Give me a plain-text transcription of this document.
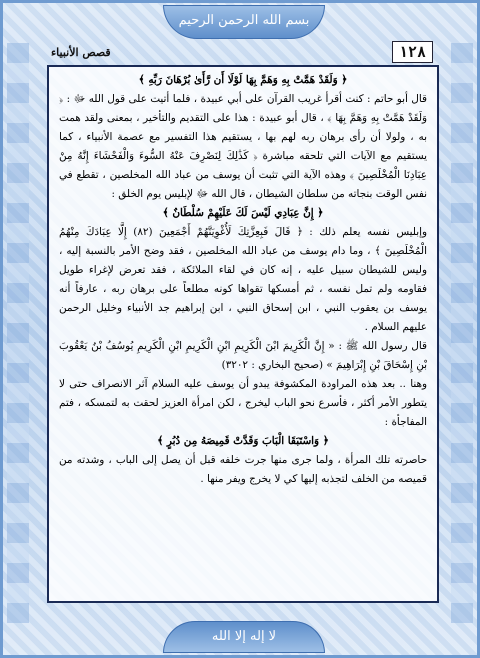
بسم الله الرحمن الرحيم
١٢٨
قصص الأنبياء

﴿ وَلَقَدْ هَمَّتْ بِهِ وَهَمَّ بِهَا لَوْلَا أَن رَّأَىٰ بُرْهَانَ رَبِّهِ ﴾

قال أبو حاتم : كنت أقرأ غريب القرآن على أبي عبيدة ، فلما أتيت على قول الله ﷻ : ﴿ وَلَقَدْ هَمَّتْ بِهِ وَهَمَّ بِهَا ﴾ ، قال أبو عبيدة : هذا على التقديم والتأخير ، بمعنى ولقد همت به ، ولولا أن رأى برهان ربه لهم بها ، يستقيم هذا التفسير مع عصمة الأنبياء ، كما يستقيم مع الآيات التي تلحقه مباشرة ﴿ كَذَٰلِكَ لِنَصْرِفَ عَنْهُ السُّوءَ وَالْفَحْشَاءَ إِنَّهُ مِنْ عِبَادِنَا الْمُخْلَصِينَ ﴾ وهذه الآية التي تثبت أن يوسف من عباد الله المخلصين ، تقطع في نفس الوقت بنجاته من سلطان الشيطان ، قال الله ﷻ لإبليس يوم الخلق :

﴿ إِنَّ عِبَادِي لَيْسَ لَكَ عَلَيْهِمْ سُلْطَانٌ ﴾

وإبليس نفسه يعلم ذلك : ﴿ قَالَ فَبِعِزَّتِكَ لَأُغْوِيَنَّهُمْ أَجْمَعِينَ (٨٢) إِلَّا عِبَادَكَ مِنْهُمُ الْمُخْلَصِينَ ﴾ ، وما دام يوسف من عباد الله المخلصين ، فقد وضح الأمر بالنسبة إليه ، وليس للشيطان سبيل عليه ، إنه كان في لقاء الملائكة ، فقد تعرض لإغراء طويل فقاومه ولم تمل نفسه ، ثم أمسكها تقواها كونه مطلعاً على برهان ربه ، عارفاً أنه يوسف بن يعقوب النبي ، ابن إسحاق النبي ، ابن إبراهيم جد الأنبياء وخليل الرحمن عليهم السلام .

قال رسول الله ﷺ : « إِنَّ الْكَرِيمَ ابْنَ الْكَرِيمِ ابْنِ الْكَرِيمِ ابْنِ الْكَرِيمِ يُوسُفُ بْنُ يَعْقُوبَ بْنِ إِسْحَاقَ بْنِ إِبْرَاهِيمَ » (صحيح البخاري : ٣٢٠٢)

وهنا .. بعد هذه المراودة المكشوفة يبدو أن يوسف عليه السلام آثر الانصراف حتى لا يتطور الأمر أكثر ، فأسرع نحو الباب ليخرج ، لكن امرأة العزيز لحقت به لتمسكه ، فتم المفاجأة :

﴿ وَاسْتَبَقَا الْبَابَ وَقَدَّتْ قَمِيصَهُ مِن دُبُرٍ ﴾

حاصرته تلك المرأة ، ولما جرى منها جرت خلفه قبل أن يصل إلى الباب ، وشدته من قميصه من الخلف لتجذبه إليها كي لا يخرج ويفر منها .

لا إله إلا الله
